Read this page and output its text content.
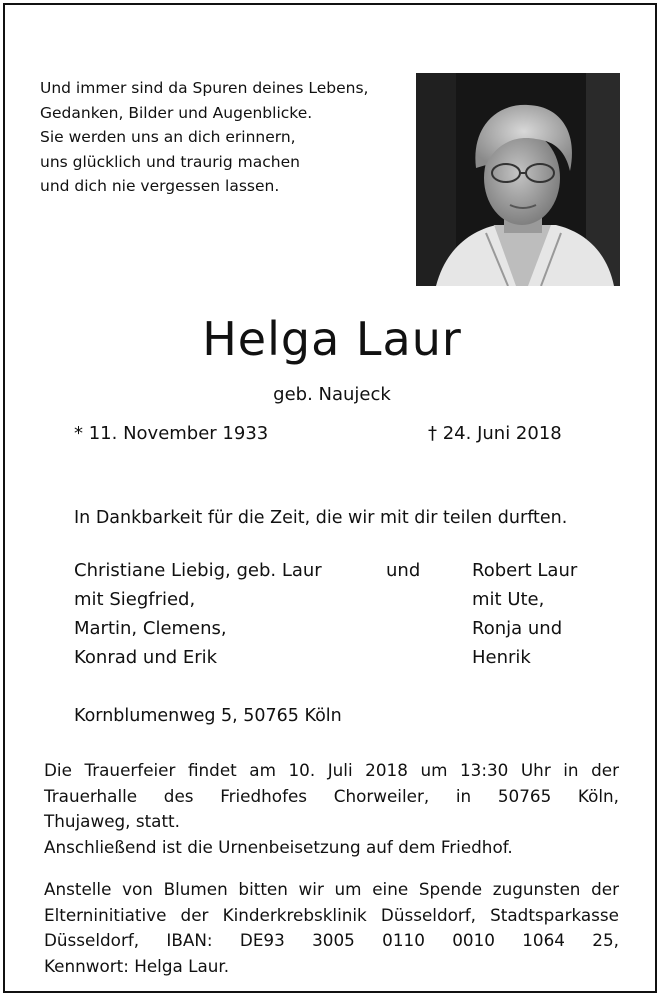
Und immer sind da Spuren deines Lebens,
Gedanken, Bilder und Augenblicke.
Sie werden uns an dich erinnern,
uns glücklich und traurig machen
und dich nie vergessen lassen.
Helga Laur
geb. Naujeck
* 11. November 1933	† 24. Juni 2018
In Dankbarkeit für die Zeit, die wir mit dir teilen durften.
Christiane Liebig, geb. Laur
mit Siegfried,
Martin, Clemens,
Konrad und Erik
und	Robert Laur
mit Ute,
Ronja und
Henrik
Kornblumenweg 5, 50765 Köln
Die Trauerfeier findet am 10. Juli 2018 um 13:30 Uhr in der
Trauerhalle des Friedhofes Chorweiler, in 50765 Köln,
Thujaweg, statt.
Anschließend ist die Urnenbeisetzung auf dem Friedhof.
Anstelle von Blumen bitten wir um eine Spende zugunsten der
Elterninitiative der Kinderkrebsklinik Düsseldorf, Stadtsparkasse
Düsseldorf, IBAN: DE93 3005 0110 0010 1064 25,
Kennwort: Helga Laur.
